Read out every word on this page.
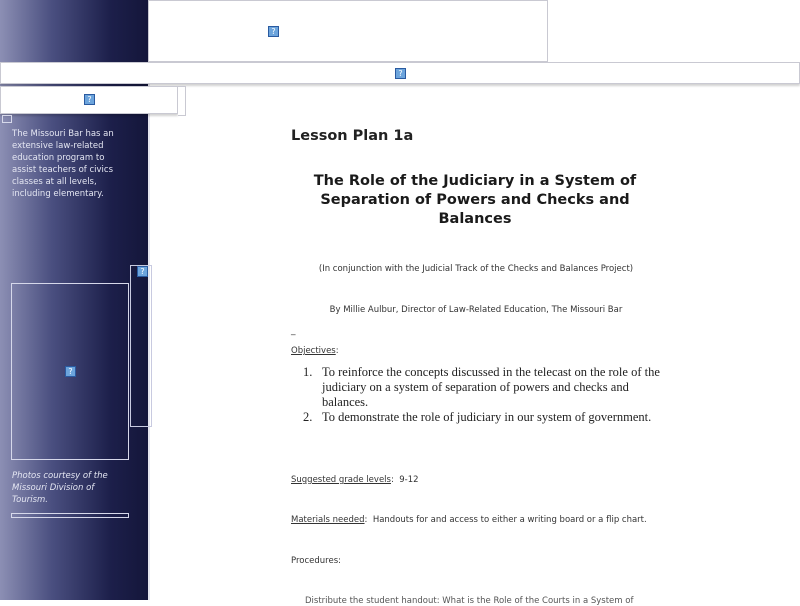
?
?
?
The Missouri Bar has an extensive law-related education program to assist teachers of civics classes at all levels, including elementary.
?
?
Photos courtesy of the Missouri Division of Tourism.
Lesson Plan 1a
The Role of the Judiciary in a System of Separation of Powers and Checks and Balances
(In conjunction with the Judicial Track of the Checks and Balances Project)
By Millie Aulbur, Director of Law-Related Education, The Missouri Bar
_
Objectives:
1. To reinforce the concepts discussed in the telecast on the role of the judiciary on a system of separation of powers and checks and balances.
2. To demonstrate the role of judiciary in our system of government.
Suggested grade levels:  9-12
Materials needed:  Handouts for and access to either a writing board or a flip chart.
Procedures:
Distribute the student handout: What is the Role of the Courts in a System of
